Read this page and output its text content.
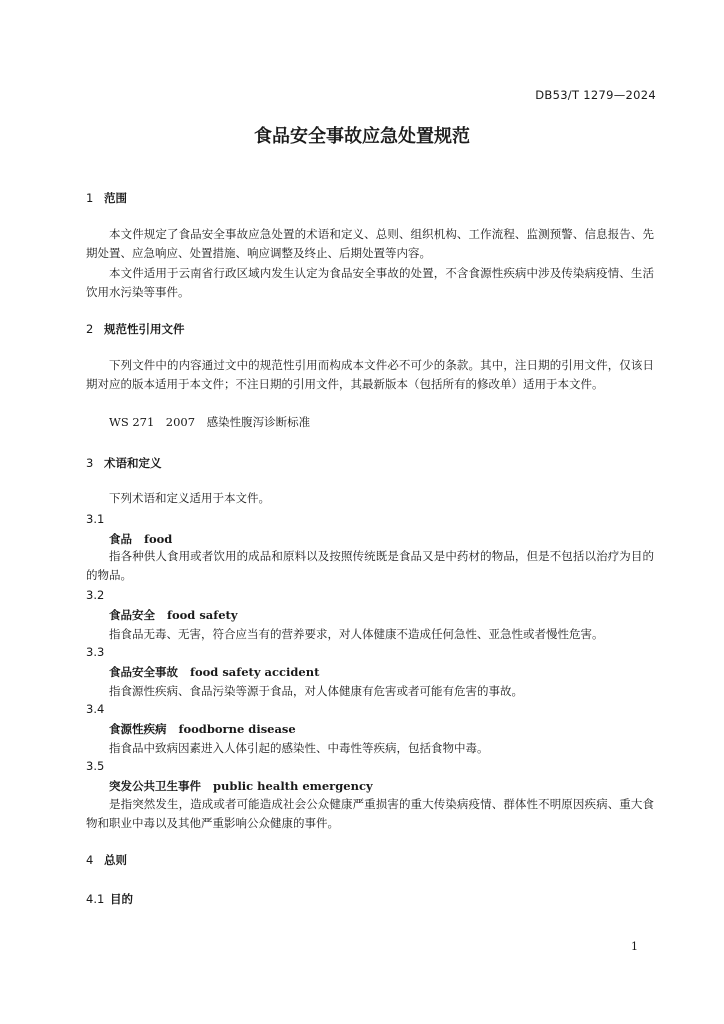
DB53/T 1279—2024
食品安全事故应急处置规范
1 范围
本文件规定了食品安全事故应急处置的术语和定义、总则、组织机构、工作流程、监测预警、信息报告、先期处置、应急响应、处置措施、响应调整及终止、后期处置等内容。
本文件适用于云南省行政区域内发生认定为食品安全事故的处置，不含食源性疾病中涉及传染病疫情、生活饮用水污染等事件。
2 规范性引用文件
下列文件中的内容通过文中的规范性引用而构成本文件必不可少的条款。其中，注日期的引用文件，仅该日期对应的版本适用于本文件；不注日期的引用文件，其最新版本（包括所有的修改单）适用于本文件。
WS 271　2007　感染性腹泻诊断标准
3 术语和定义
下列术语和定义适用于本文件。
3.1
食品 food
指各种供人食用或者饮用的成品和原料以及按照传统既是食品又是中药材的物品，但是不包括以治疗为目的的物品。
3.2
食品安全 food safety
指食品无毒、无害，符合应当有的营养要求，对人体健康不造成任何急性、亚急性或者慢性危害。
3.3
食品安全事故 food safety accident
指食源性疾病、食品污染等源于食品，对人体健康有危害或者可能有危害的事故。
3.4
食源性疾病 foodborne disease
指食品中致病因素进入人体引起的感染性、中毒性等疾病，包括食物中毒。
3.5
突发公共卫生事件 public health emergency
是指突然发生，造成或者可能造成社会公众健康严重损害的重大传染病疫情、群体性不明原因疾病、重大食物和职业中毒以及其他严重影响公众健康的事件。
4 总则
4.1 目的
1
